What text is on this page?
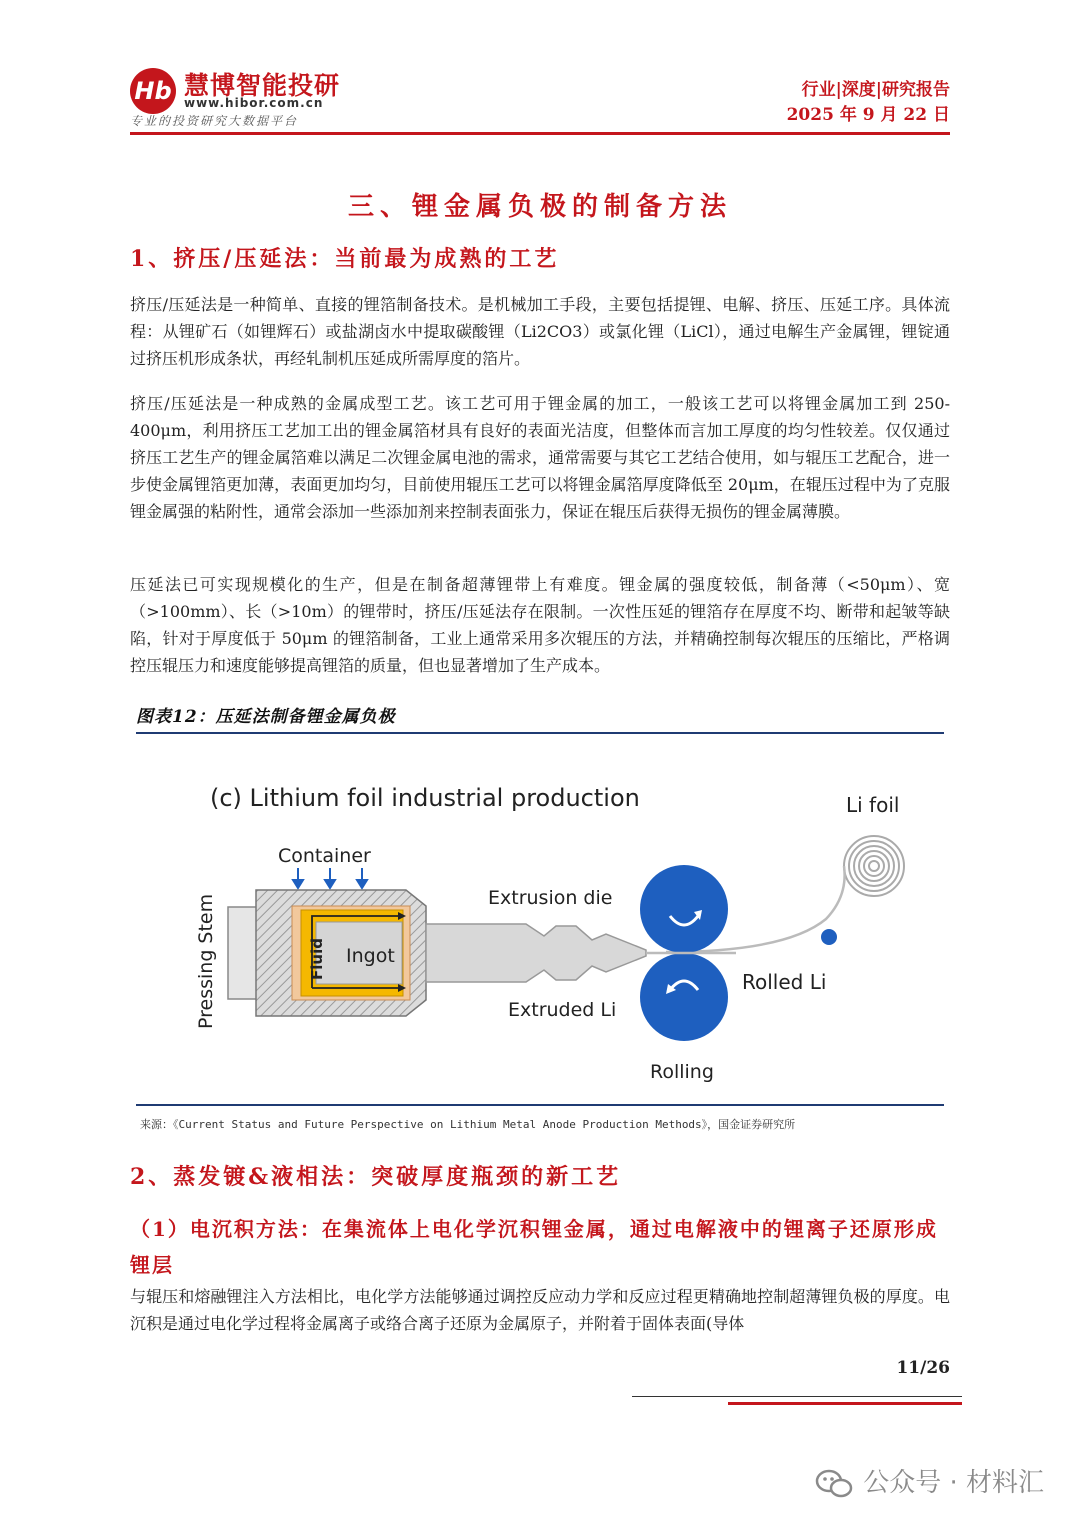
Hb 慧博智能投研
www.hibor.com.cn
专业的投资研究大数据平台
行业|深度|研究报告
2025 年 9 月 22 日
三、锂金属负极的制备方法
1、挤压/压延法：当前最为成熟的工艺

挤压/压延法是一种简单、直接的锂箔制备技术。是机械加工手段，主要包括提锂、电解、挤压、压延工序。具体流程：从锂矿石（如锂辉石）或盐湖卤水中提取碳酸锂（Li2CO3）或氯化锂（LiCl），通过电解生产金属锂，锂锭通过挤压机形成条状，再经轧制机压延成所需厚度的箔片。

挤压/压延法是一种成熟的金属成型工艺。该工艺可用于锂金属的加工，一般该工艺可以将锂金属加工到 250-400μm，利用挤压工艺加工出的锂金属箔材具有良好的表面光洁度，但整体而言加工厚度的均匀性较差。仅仅通过挤压工艺生产的锂金属箔难以满足二次锂金属电池的需求，通常需要与其它工艺结合使用，如与辊压工艺配合，进一步使金属锂箔更加薄，表面更加均匀，目前使用辊压工艺可以将锂金属箔厚度降低至 20μm，在辊压过程中为了克服锂金属强的粘附性，通常会添加一些添加剂来控制表面张力，保证在辊压后获得无损伤的锂金属薄膜。

压延法已可实现规模化的生产，但是在制备超薄锂带上有难度。锂金属的强度较低，制备薄（<50μm）、宽（>100mm）、长（>10m）的锂带时，挤压/压延法存在限制。一次性压延的锂箔存在厚度不均、断带和起皱等缺陷，针对于厚度低于 50μm 的锂箔制备，工业上通常采用多次辊压的方法，并精确控制每次辊压的压缩比，严格调控压辊压力和速度能够提高锂箔的质量，但也显著增加了生产成本。

图表12：压延法制备锂金属负极
(c) Lithium foil industrial production	Li foil
Container
Pressing Stem	Fluid Ingot
Extrusion die
Extruded Li
Rolled Li
Rolling
来源：《Current Status and Future Perspective on Lithium Metal Anode Production Methods》，国金证券研究所
2、蒸发镀&液相法：突破厚度瓶颈的新工艺
（1）电沉积方法：在集流体上电化学沉积锂金属，通过电解液中的锂离子还原形成锂层

与辊压和熔融锂注入方法相比，电化学方法能够通过调控反应动力学和反应过程更精确地控制超薄锂负极的厚度。电沉积是通过电化学过程将金属离子或络合离子还原为金属原子，并附着于固体表面(导体

11/26
公众号 · 材料汇
